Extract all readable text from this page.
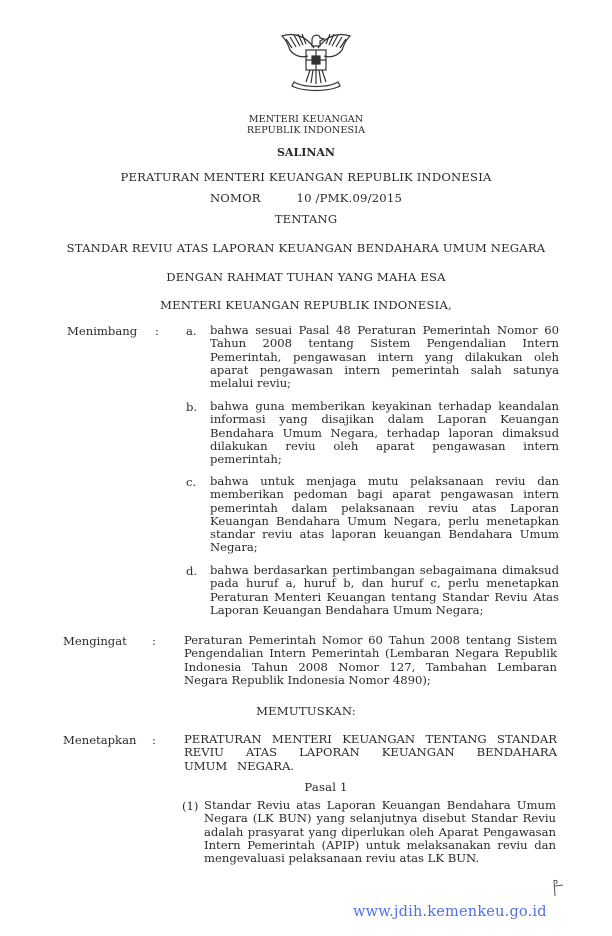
MENTERI KEUANGAN
REPUBLIK INDONESIA
SALINAN
PERATURAN MENTERI KEUANGAN REPUBLIK INDONESIA
NOMOR	10 /PMK.09/2015
TENTANG
STANDAR REVIU ATAS LAPORAN KEUANGAN BENDAHARA UMUM NEGARA
DENGAN RAHMAT TUHAN YANG MAHA ESA
MENTERI KEUANGAN REPUBLIK INDONESIA,
Menimbang : a. bahwa sesuai Pasal 48 Peraturan Pemerintah Nomor 60 Tahun 2008 tentang Sistem Pengendalian Intern Pemerintah, pengawasan intern yang dilakukan oleh aparat pengawasan intern pemerintah salah satunya melalui reviu;
b. bahwa guna memberikan keyakinan terhadap keandalan informasi yang disajikan dalam Laporan Keuangan Bendahara Umum Negara, terhadap laporan dimaksud dilakukan reviu oleh aparat pengawasan intern pemerintah;
c. bahwa untuk menjaga mutu pelaksanaan reviu dan memberikan pedoman bagi aparat pengawasan intern pemerintah dalam pelaksanaan reviu atas Laporan Keuangan Bendahara Umum Negara, perlu menetapkan standar reviu atas laporan keuangan Bendahara Umum Negara;
d. bahwa berdasarkan pertimbangan sebagaimana dimaksud pada huruf a, huruf b, dan huruf c, perlu menetapkan Peraturan Menteri Keuangan tentang Standar Reviu Atas Laporan Keuangan Bendahara Umum Negara;
Mengingat : Peraturan Pemerintah Nomor 60 Tahun 2008 tentang Sistem Pengendalian Intern Pemerintah (Lembaran Negara Republik Indonesia Tahun 2008 Nomor 127, Tambahan Lembaran Negara Republik Indonesia Nomor 4890);
MEMUTUSKAN:
Menetapkan : PERATURAN MENTERI KEUANGAN TENTANG STANDAR REVIU ATAS LAPORAN KEUANGAN BENDAHARA UMUM NEGARA.
Pasal 1
(1) Standar Reviu atas Laporan Keuangan Bendahara Umum Negara (LK BUN) yang selanjutnya disebut Standar Reviu adalah prasyarat yang diperlukan oleh Aparat Pengawasan Intern Pemerintah (APIP) untuk melaksanakan reviu dan mengevaluasi pelaksanaan reviu atas LK BUN.
www.jdih.kemenkeu.go.id
